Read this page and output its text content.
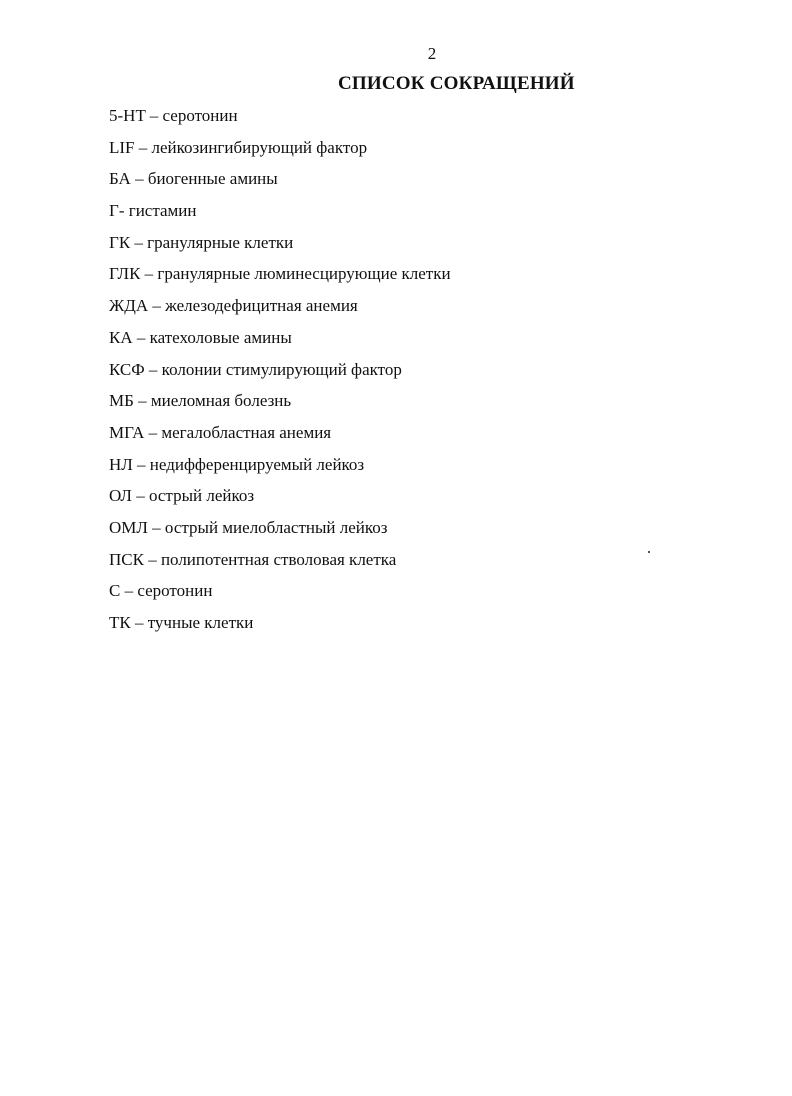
2
СПИСОК СОКРАЩЕНИЙ
5-HT – серотонин
LIF – лейкозингибирующий фактор
БА – биогенные амины
Г- гистамин
ГК – гранулярные клетки
ГЛК – гранулярные люминесцирующие клетки
ЖДА – железодефицитная анемия
КА – катехоловые амины
КСФ – колонии стимулирующий фактор
МБ – миеломная болезнь
МГА – мегалобластная анемия
НЛ – недифференцируемый лейкоз
ОЛ – острый лейкоз
ОМЛ – острый миелобластный лейкоз
ПСК – полипотентная стволовая клетка
С – серотонин
ТК – тучные клетки
